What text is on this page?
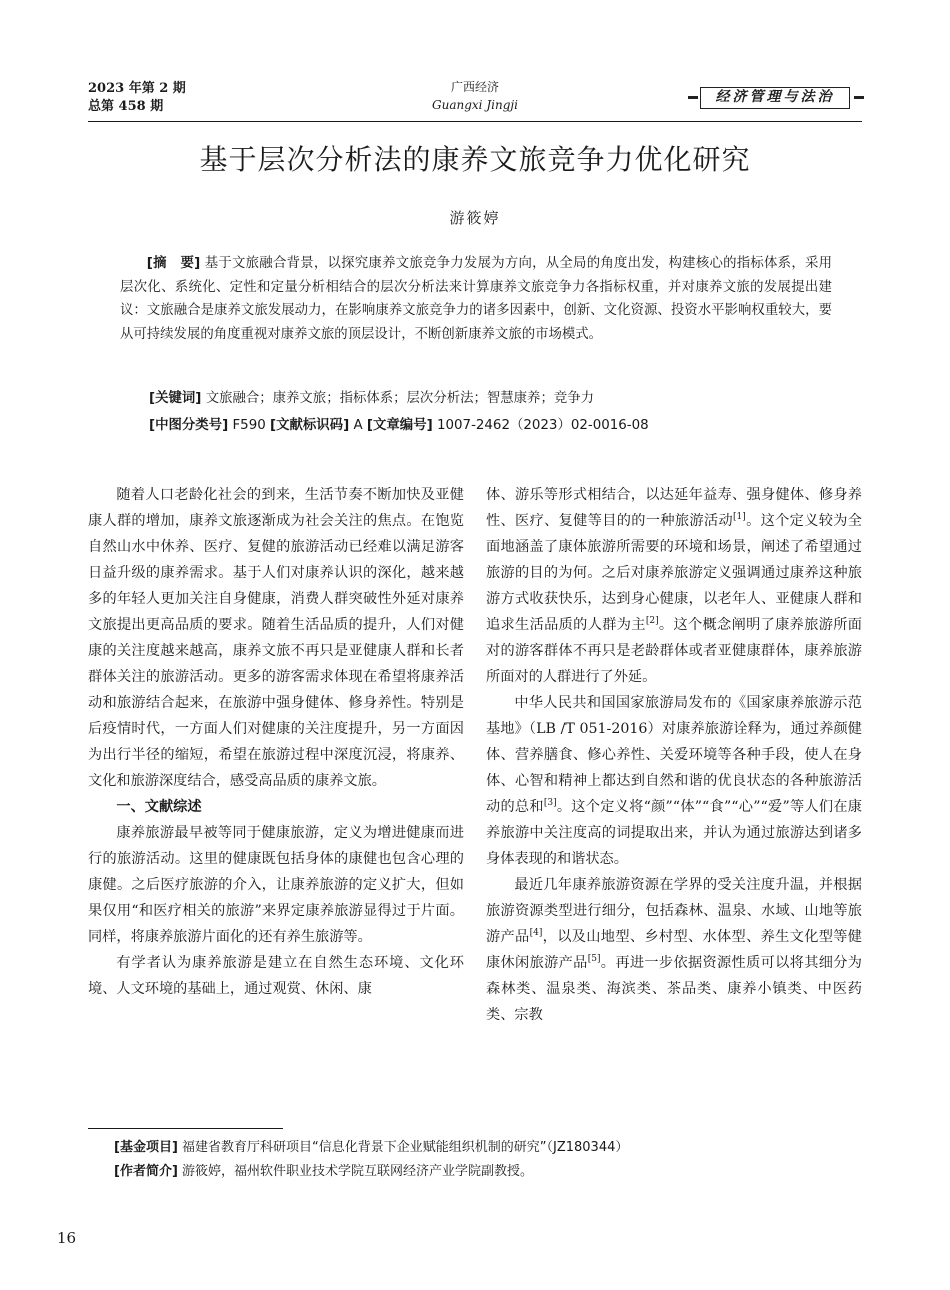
2023 年第 2 期
总第 458 期
广西经济
Guangxi Jingji	经济管理与法治
基于层次分析法的康养文旅竞争力优化研究
游筱婷
[摘　要] 基于文旅融合背景，以探究康养文旅竞争力发展为方向，从全局的角度出发，构建核心的指标体系，采用层次化、系统化、定性和定量分析相结合的层次分析法来计算康养文旅竞争力各指标权重，并对康养文旅的发展提出建议：文旅融合是康养文旅发展动力，在影响康养文旅竞争力的诸多因素中，创新、文化资源、投资水平影响权重较大，要从可持续发展的角度重视对康养文旅的顶层设计，不断创新康养文旅的市场模式。
[关键词] 文旅融合；康养文旅；指标体系；层次分析法；智慧康养；竞争力
[中图分类号] F590 [文献标识码] A [文章编号] 1007-2462（2023）02-0016-08

随着人口老龄化社会的到来，生活节奏不断加快及亚健康人群的增加，康养文旅逐渐成为社会关注的焦点。在饱览自然山水中休养、医疗、复健的旅游活动已经难以满足游客日益升级的康养需求。基于人们对康养认识的深化，越来越多的年轻人更加关注自身健康，消费人群突破性外延对康养文旅提出更高品质的要求。随着生活品质的提升，人们对健康的关注度越来越高，康养文旅不再只是亚健康人群和长者群体关注的旅游活动。更多的游客需求体现在希望将康养活动和旅游结合起来，在旅游中强身健体、修身养性。特别是后疫情时代，一方面人们对健康的关注度提升，另一方面因为出行半径的缩短，希望在旅游过程中深度沉浸，将康养、文化和旅游深度结合，感受高品质的康养文旅。

一、文献综述

康养旅游最早被等同于健康旅游，定义为增进健康而进行的旅游活动。这里的健康既包括身体的康健也包含心理的康健。之后医疗旅游的介入，让康养旅游的定义扩大，但如果仅用“和医疗相关的旅游”来界定康养旅游显得过于片面。同样，将康养旅游片面化的还有养生旅游等。

有学者认为康养旅游是建立在自然生态环境、文化环境、人文环境的基础上，通过观赏、休闲、康

体、游乐等形式相结合，以达延年益寿、强身健体、修身养性、医疗、复健等目的的一种旅游活动[1]。这个定义较为全面地涵盖了康体旅游所需要的环境和场景，阐述了希望通过旅游的目的为何。之后对康养旅游定义强调通过康养这种旅游方式收获快乐，达到身心健康，以老年人、亚健康人群和追求生活品质的人群为主[2]。这个概念阐明了康养旅游所面对的游客群体不再只是老龄群体或者亚健康群体，康养旅游所面对的人群进行了外延。

中华人民共和国国家旅游局发布的《国家康养旅游示范基地》（LB /T 051-2016）对康养旅游诠释为，通过养颜健体、营养膳食、修心养性、关爱环境等各种手段，使人在身体、心智和精神上都达到自然和谐的优良状态的各种旅游活动的总和[3]。这个定义将“颜”“体”“食”“心”“爱”等人们在康养旅游中关注度高的词提取出来，并认为通过旅游达到诸多身体表现的和谐状态。

最近几年康养旅游资源在学界的受关注度升温，并根据旅游资源类型进行细分，包括森林、温泉、水域、山地等旅游产品[4]，以及山地型、乡村型、水体型、养生文化型等健康休闲旅游产品[5]。再进一步依据资源性质可以将其细分为森林类、温泉类、海滨类、茶品类、康养小镇类、中医药类、宗教

[基金项目] 福建省教育厅科研项目“信息化背景下企业赋能组织机制的研究”（JZ180344）

[作者简介] 游筱婷，福州软件职业技术学院互联网经济产业学院副教授。

16
